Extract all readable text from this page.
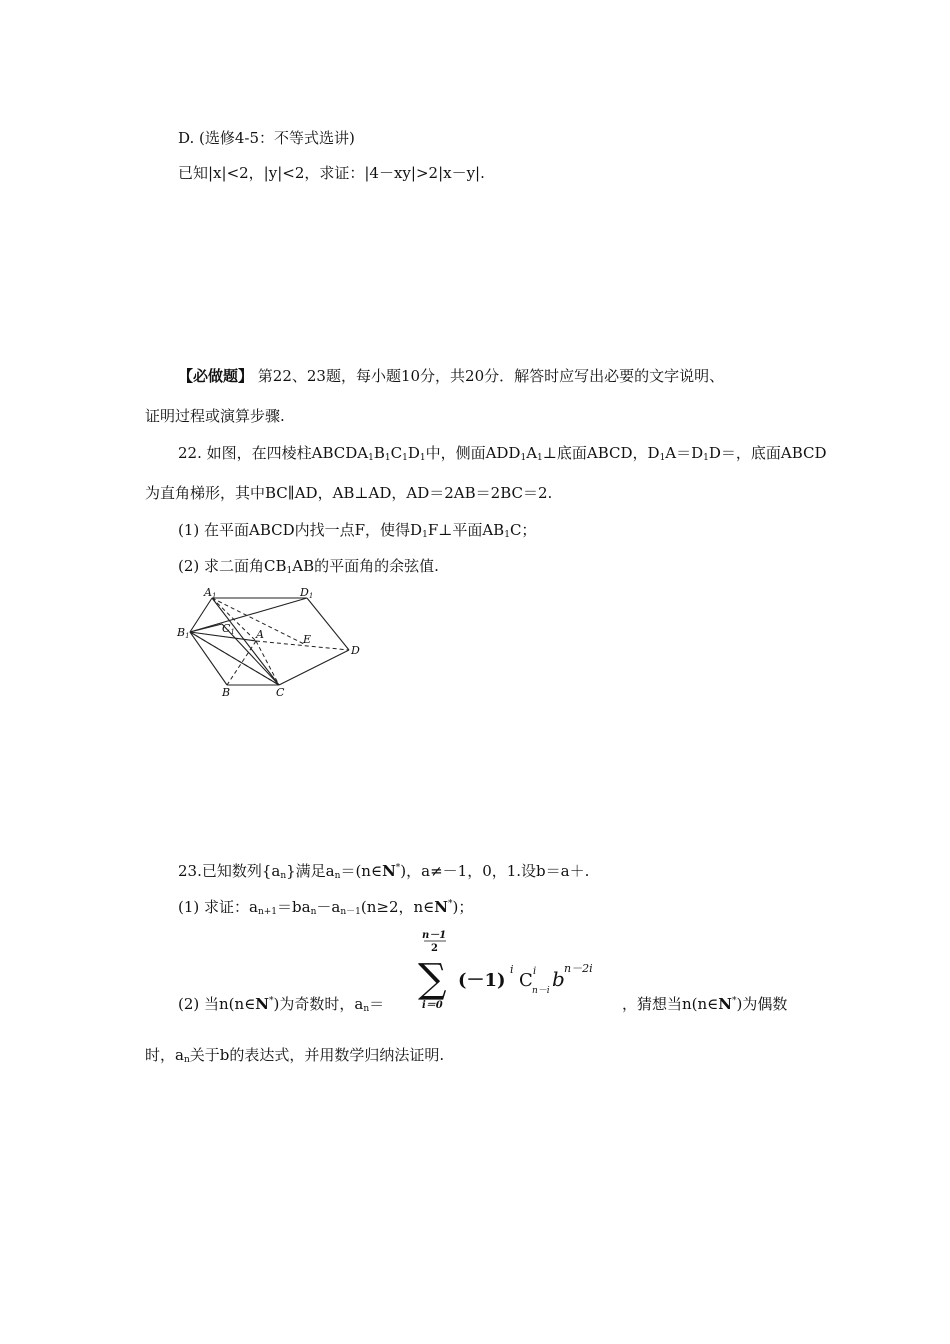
D. (选修4-5：不等式选讲)
已知|x|<2，|y|<2，求证：|4－xy|>2|x－y|.
【必做题】 第22、23题，每小题10分，共20分．解答时应写出必要的文字说明、
证明过程或演算步骤.
22. 如图，在四棱柱$ABCDA_1B_1C_1D_1$中，侧面$ADD_1A_1\perp$底面ABCD，$D_1A=D_1D=$，底面ABCD
为直角梯形，其中BC∥AD，AB⊥AD，AD＝2AB＝2BC＝2.
(1) 在平面ABCD内找一点F，使得$D_1F\perp$平面$AB_1C$；
(2) 求二面角$CB_1AB$的平面角的余弦值.
A1	D1
B1
C1 A	E
D
B	C
23.已知数列$\{a_n\}$满足$a_n=(n\in N^*)$，a≠－1，0，1.设b＝a＋.
(1) 求证：$a_{n+1}=ba_n-a_{n-1}(n\ge 2$，n∈N*)；
(2) 当n(n∈N*)为奇数时，$a_n=$
n－1
2
∑
i＝0
(－1)
i
C i
n－i b n－2i
，猜想当n(n∈N*)为偶数
时，$a_n$关于b的表达式，并用数学归纳法证明.
